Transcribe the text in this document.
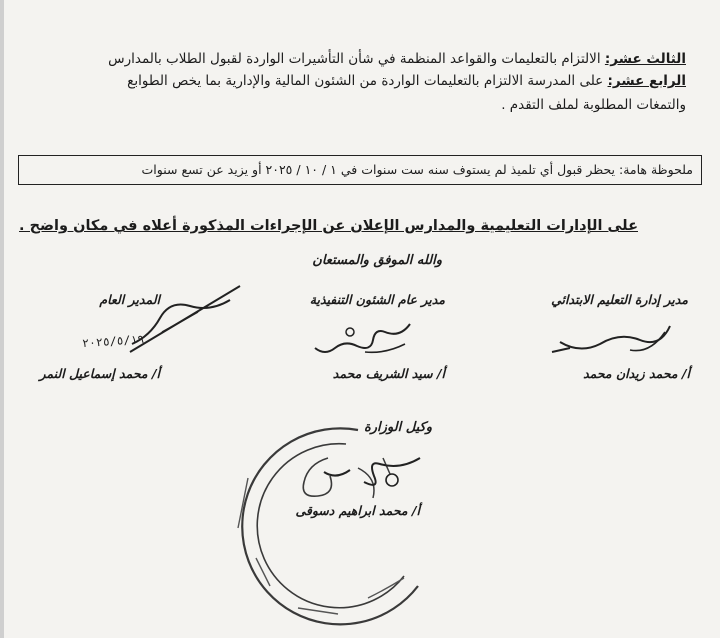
الثالث عشر: الالتزام بالتعليمات والقواعد المنظمة في شأن التأشيرات الواردة لقبول الطلاب بالمدارس
الرابع عشر: على المدرسة الالتزام بالتعليمات الواردة من الشئون المالية والإدارية بما يخص الطوابع
والتمغات المطلوبة لملف التقدم .
ملحوظة هامة: يحظر قبول أي تلميذ لم يستوف سنه ست سنوات في ١ / ١٠ / ٢٠٢٥ أو يزيد عن تسع سنوات
على الإدارات التعليمية والمدارس الإعلان عن الإجراءات المذكورة أعلاه في مكان واضح .
والله الموفق والمستعان
مدير إدارة التعليم الابتدائي
مدير عام الشئون التنفيذية
المدير العام
٢٠٢٥/٥/١٩
أ/ محمد زيدان محمد
أ/ سيد الشريف محمد
أ/ محمد إسماعيل النمر
وكيل الوزارة
أ/ محمد ابراهيم دسوقى
